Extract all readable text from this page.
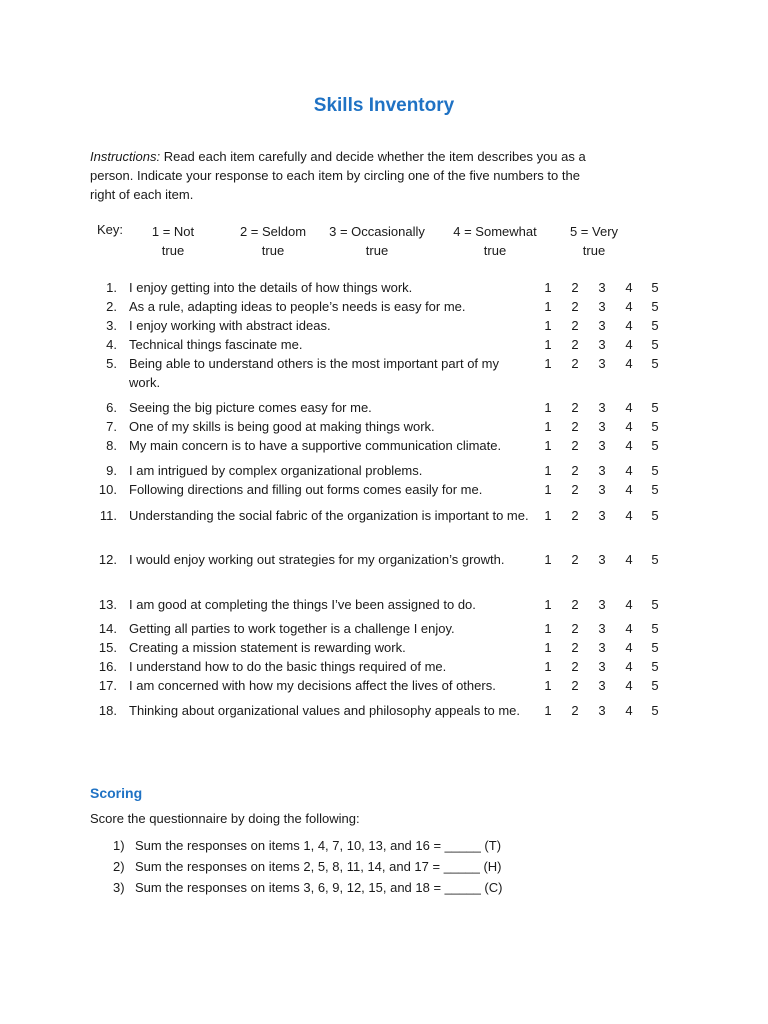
Skills Inventory
Instructions: Read each item carefully and decide whether the item describes you as a person. Indicate your response to each item by circling one of the five numbers to the right of each item.
Key:	1 = Not
true
2 = Seldom
true
3 = Occasionally
true
4 = Somewhat
true
5 = Very
true
1. I enjoy getting into the details of how things work.	1 2 3 4 5
2. As a rule, adapting ideas to people’s needs is easy for me.	1 2 3 4 5
3. I enjoy working with abstract ideas.	1 2 3 4 5
4. Technical things fascinate me.	1 2 3 4 5
5. Being able to understand others is the most important part of my work.
1 2 3 4 5
6. Seeing the big picture comes easy for me.	1 2 3 4 5
7. One of my skills is being good at making things work.	1 2 3 4 5
8. My main concern is to have a supportive communication climate.	1 2 3 4 5
9. I am intrigued by complex organizational problems.	1 2 3 4 5
10. Following directions and filling out forms comes easily for me.	1 2 3 4 5
11. Understanding the social fabric of the organization is important to me. 1 2 3 4 5
12. I would enjoy working out strategies for my organization’s growth.	1 2 3 4 5
13. I am good at completing the things I’ve been assigned to do.	1 2 3 4 5
14. Getting all parties to work together is a challenge I enjoy.	1 2 3 4 5
15. Creating a mission statement is rewarding work.	1 2 3 4 5
16. I understand how to do the basic things required of me.	1 2 3 4 5
17. I am concerned with how my decisions affect the lives of others.	1 2 3 4 5
18. Thinking about organizational values and philosophy appeals to me.	1 2 3 4 5
Scoring
Score the questionnaire by doing the following:
1) Sum the responses on items 1, 4, 7, 10, 13, and 16 = _____ (T)
2) Sum the responses on items 2, 5, 8, 11, 14, and 17 = _____ (H)
3) Sum the responses on items 3, 6, 9, 12, 15, and 18 = _____ (C)
